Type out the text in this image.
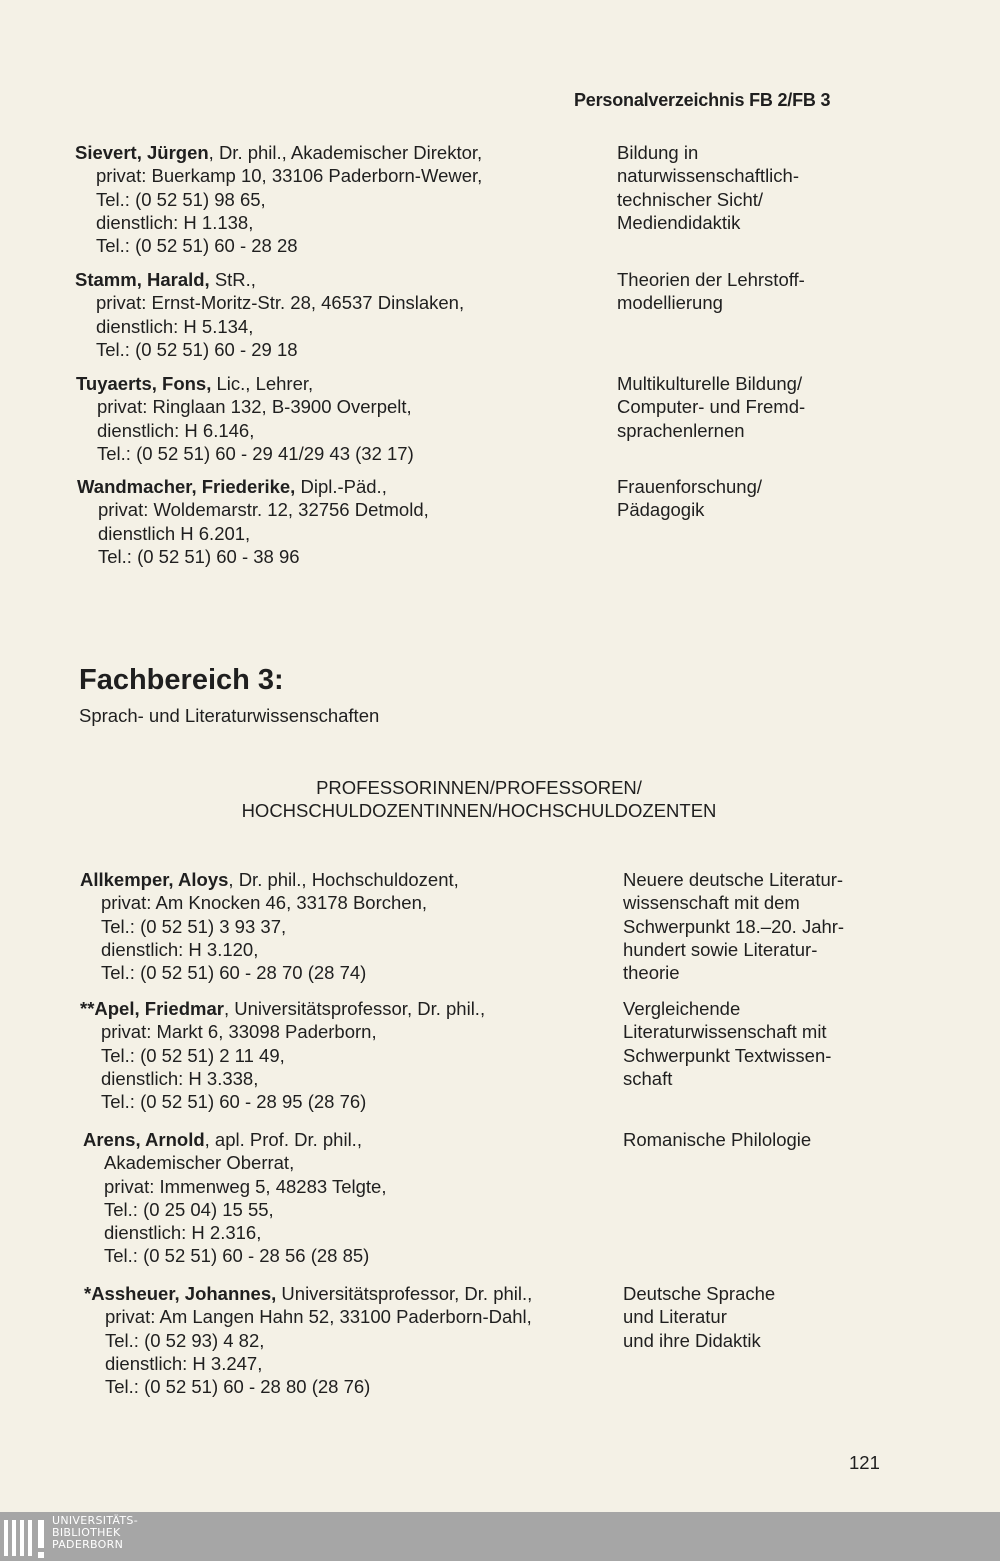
Personalverzeichnis FB 2/FB 3
Sievert, Jürgen, Dr. phil., Akademischer Direktor,
privat: Buerkamp 10, 33106 Paderborn-Wewer,
Tel.: (0 52 51) 98 65,
dienstlich: H 1.138,
Tel.: (0 52 51) 60 - 28 28
Bildung in
naturwissenschaftlich-
technischer Sicht/
Mediendidaktik
Stamm, Harald, StR.,
privat: Ernst-Moritz-Str. 28, 46537 Dinslaken,
dienstlich: H 5.134,
Tel.: (0 52 51) 60 - 29 18
Theorien der Lehrstoff-
modellierung
Tuyaerts, Fons, Lic., Lehrer,
privat: Ringlaan 132, B-3900 Overpelt,
dienstlich: H 6.146,
Tel.: (0 52 51) 60 - 29 41/29 43 (32 17)
Multikulturelle Bildung/
Computer- und Fremd-
sprachenlernen
Wandmacher, Friederike, Dipl.-Päd.,
privat: Woldemarstr. 12, 32756 Detmold,
dienstlich H 6.201,
Tel.: (0 52 51) 60 - 38 96
Frauenforschung/
Pädagogik
Fachbereich 3:
Sprach- und Literaturwissenschaften
PROFESSORINNEN/PROFESSOREN/
HOCHSCHULDOZENTINNEN/HOCHSCHULDOZENTEN
Allkemper, Aloys, Dr. phil., Hochschuldozent,
privat: Am Knocken 46, 33178 Borchen,
Tel.: (0 52 51) 3 93 37,
dienstlich: H 3.120,
Tel.: (0 52 51) 60 - 28 70 (28 74)
Neuere deutsche Literatur-
wissenschaft mit dem
Schwerpunkt 18.–20. Jahr-
hundert sowie Literatur-
theorie
**Apel, Friedmar, Universitätsprofessor, Dr. phil.,
privat: Markt 6, 33098 Paderborn,
Tel.: (0 52 51) 2 11 49,
dienstlich: H 3.338,
Tel.: (0 52 51) 60 - 28 95 (28 76)
Vergleichende
Literaturwissenschaft mit
Schwerpunkt Textwissen-
schaft
Arens, Arnold, apl. Prof. Dr. phil.,
Akademischer Oberrat,
privat: Immenweg 5, 48283 Telgte,
Tel.: (0 25 04) 15 55,
dienstlich: H 2.316,
Tel.: (0 52 51) 60 - 28 56 (28 85)
Romanische Philologie
*Assheuer, Johannes, Universitätsprofessor, Dr. phil.,
privat: Am Langen Hahn 52, 33100 Paderborn-Dahl,
Tel.: (0 52 93) 4 82,
dienstlich: H 3.247,
Tel.: (0 52 51) 60 - 28 80 (28 76)
Deutsche Sprache
und Literatur
und ihre Didaktik
121
UNIVERSITÄTS-
BIBLIOTHEK
PADERBORN
